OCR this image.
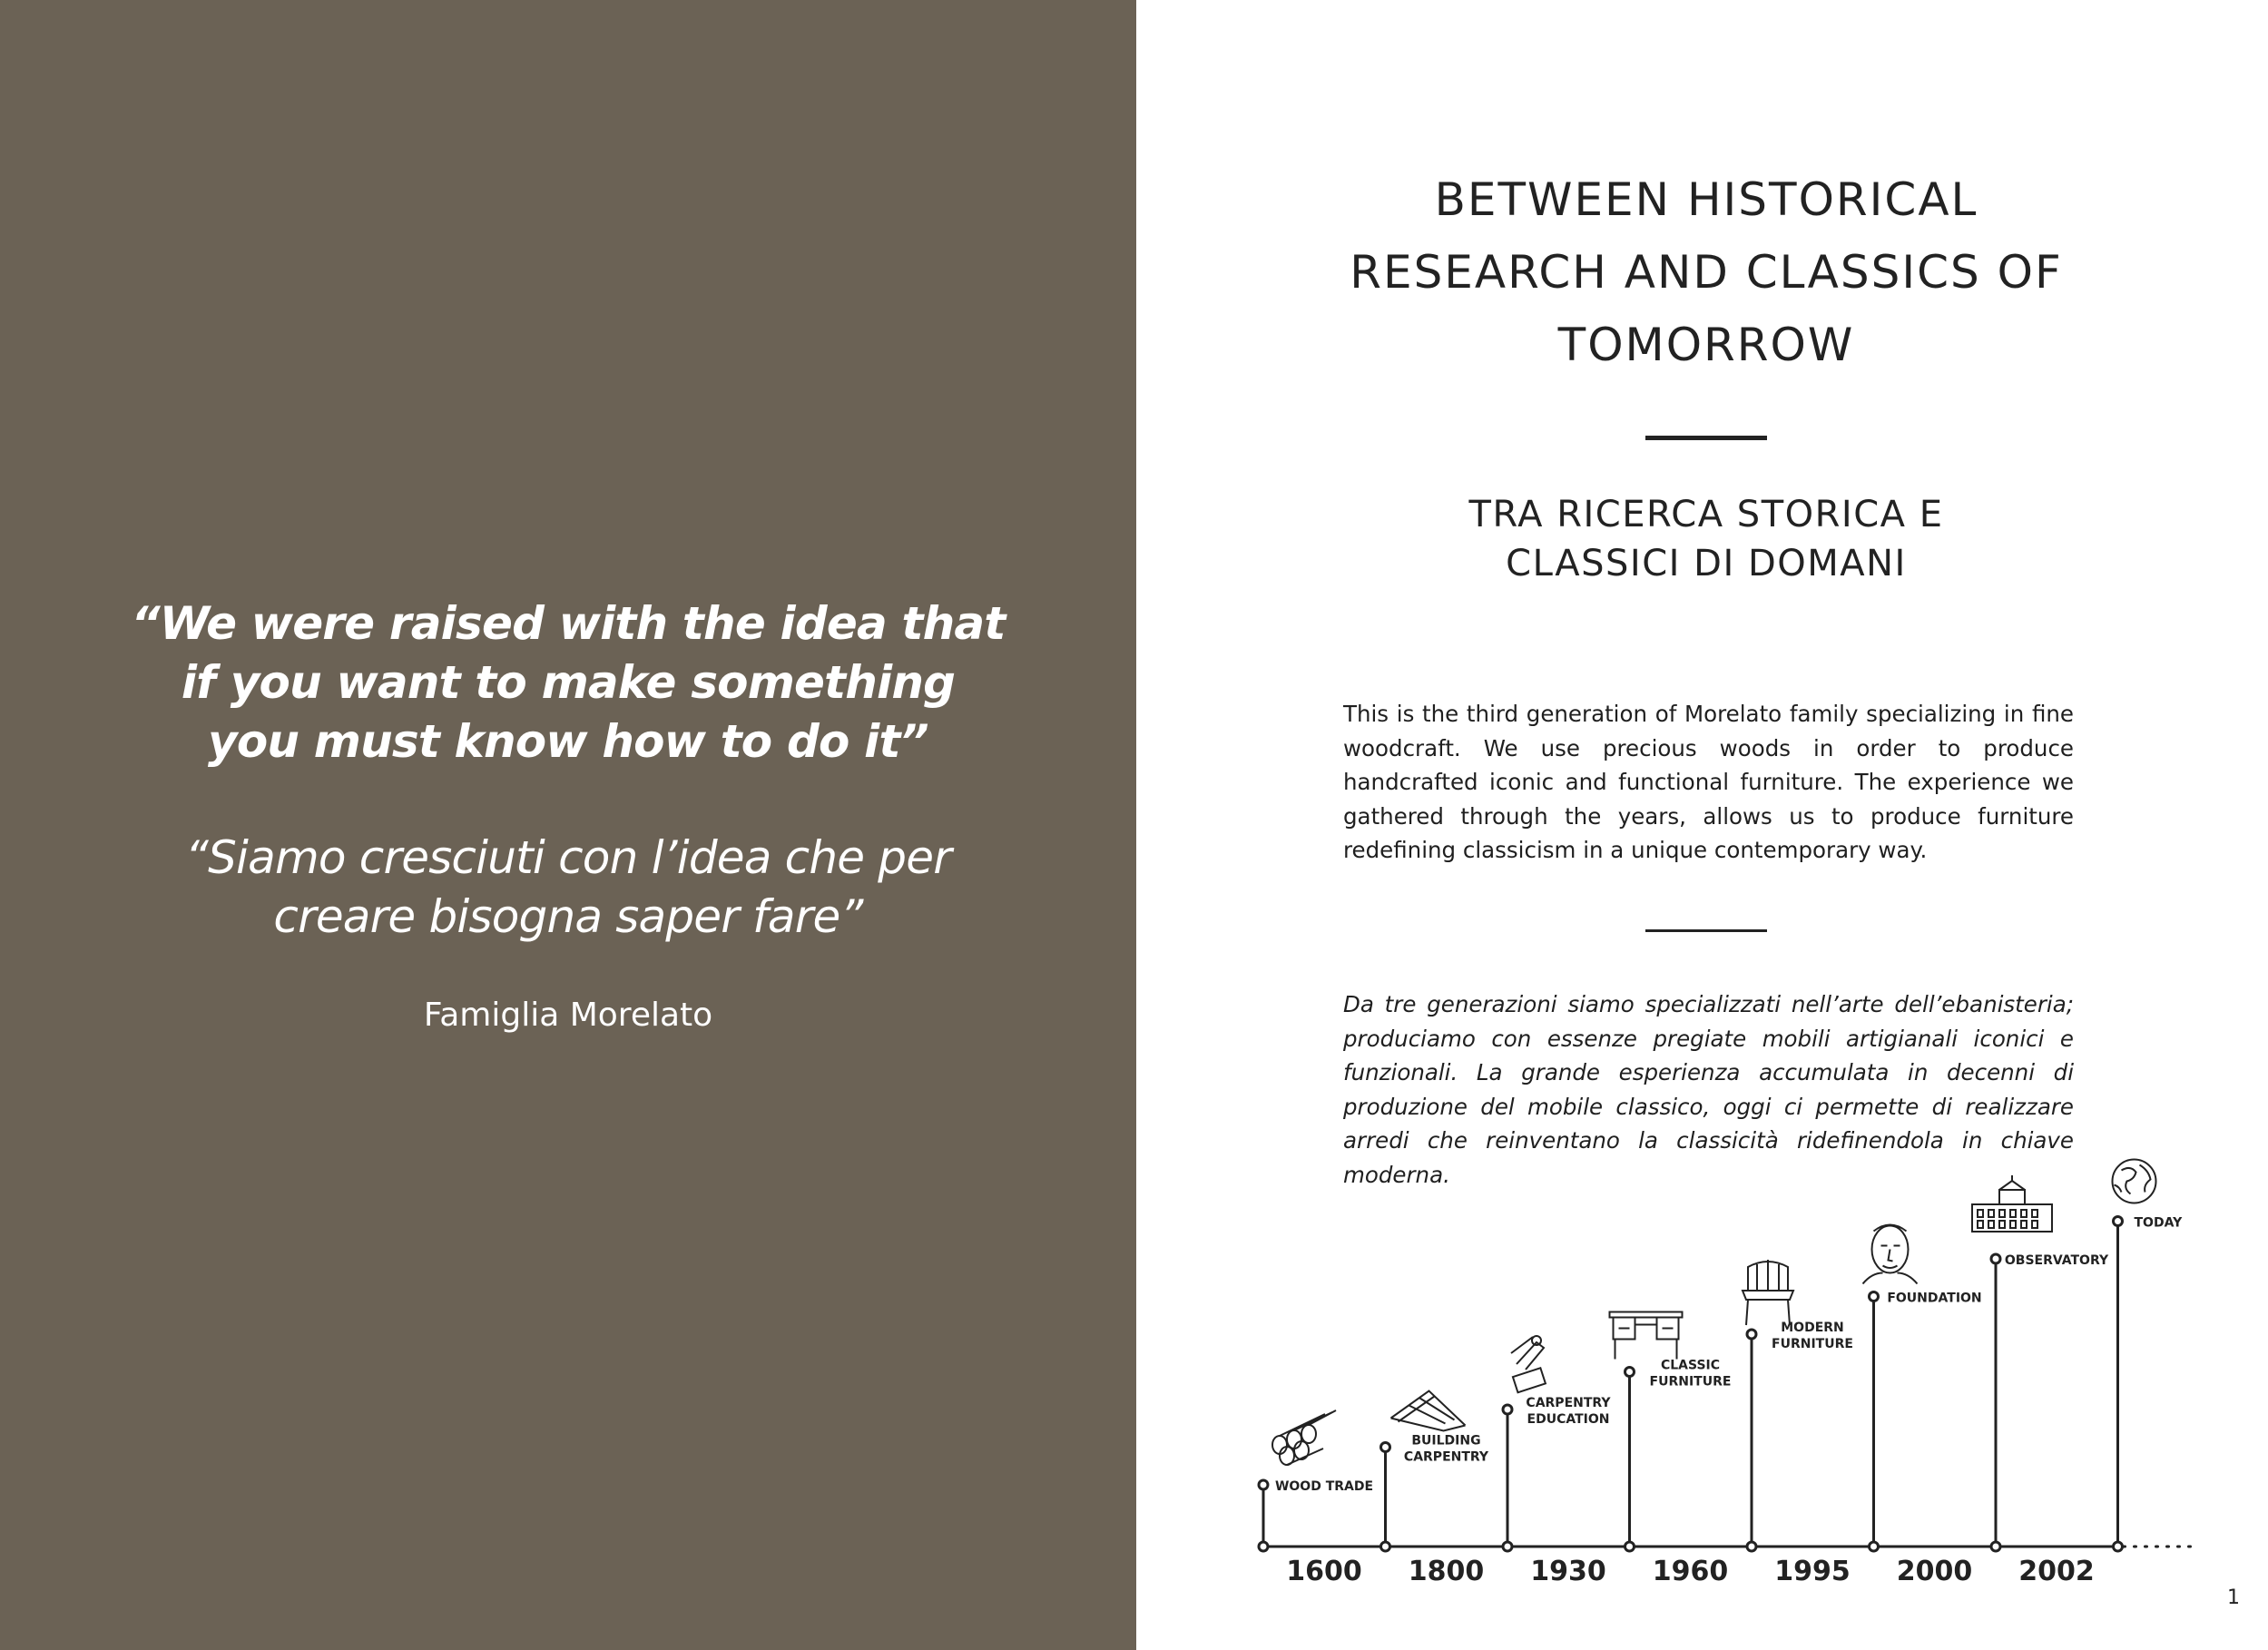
“We were raised with the idea that
if you want to make something
you must know how to do it”

“Siamo cresciuti con l’idea che per
creare bisogna saper fare”

Famiglia Morelato
BETWEEN HISTORICAL
RESEARCH AND CLASSICS OF
TOMORROW
TRA RICERCA STORICA E
CLASSICI DI DOMANI

This is the third generation of Morelato family specializing in fine woodcraft. We use precious woods in order to produce handcrafted iconic and functional furniture. The experience we gathered through the years, allows us to produce furniture redefining classicism in a unique contemporary way.

Da tre generazioni siamo specializzati nell’arte dell’ebanisteria; produciamo con essenze pregiate mobili artigianali iconici e funzionali. La grande esperienza accumulata in decenni di produzione del mobile classico, oggi ci permette di realizzare arredi che reinventano la classicità ridefinendola in chiave moderna.

1600
WOOD TRADE
1800
BUILDING
CARPENTRY
1930
CARPENTRY
EDUCATION
1960
CLASSIC
FURNITURE
1995
MODERN
FURNITURE
2000
FOUNDATION
2002
OBSERVATORY
TODAY
1
